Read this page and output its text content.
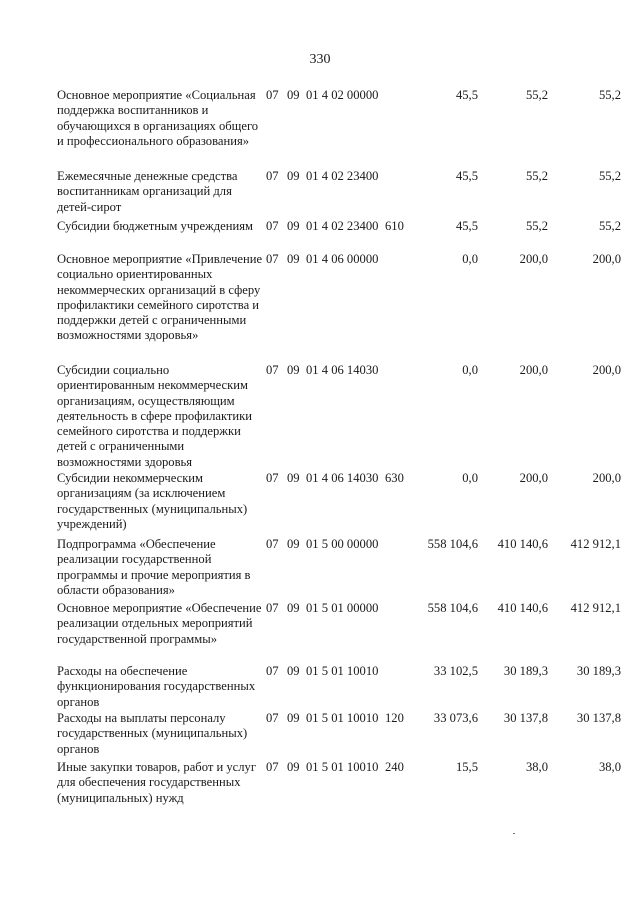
330
Основное мероприятие «Социальная поддержка воспитанников и обучающихся в организациях общего и профессионального образования»
07 09 01 4 02 00000	45,5	55,2	55,2
Ежемесячные денежные средства воспитанникам организаций для детей-сирот
07 09 01 4 02 23400	45,5	55,2	55,2
Субсидии бюджетным учреждениям	07 09 01 4 02 23400 610	45,5	55,2	55,2
Основное мероприятие «Привлечение социально ориентированных некоммерческих организаций в сферу профилактики семейного сиротства и поддержки детей с ограниченными возможностями здоровья»
07 09 01 4 06 00000	0,0	200,0	200,0
Субсидии социально ориентированным некоммерческим организациям, осуществляющим деятельность в сфере профилактики семейного сиротства и поддержки детей с ограниченными возможностями здоровья
07 09 01 4 06 14030	0,0	200,0	200,0
Субсидии некоммерческим организациям (за исключением государственных (муниципальных) учреждений)
07 09 01 4 06 14030 630	0,0	200,0	200,0
Подпрограмма «Обеспечение реализации государственной программы и прочие мероприятия в области образования»
07 09 01 5 00 00000	558 104,6	410 140,6	412 912,1
Основное мероприятие «Обеспечение реализации отдельных мероприятий государственной программы»
07 09 01 5 01 00000	558 104,6	410 140,6	412 912,1
Расходы на обеспечение функционирования государственных органов
07 09 01 5 01 10010	33 102,5	30 189,3	30 189,3
Расходы на выплаты персоналу государственных (муниципальных) органов
07 09 01 5 01 10010 120	33 073,6	30 137,8	30 137,8
Иные закупки товаров, работ и услуг для обеспечения государственных (муниципальных) нужд
07 09 01 5 01 10010 240	15,5	38,0	38,0
